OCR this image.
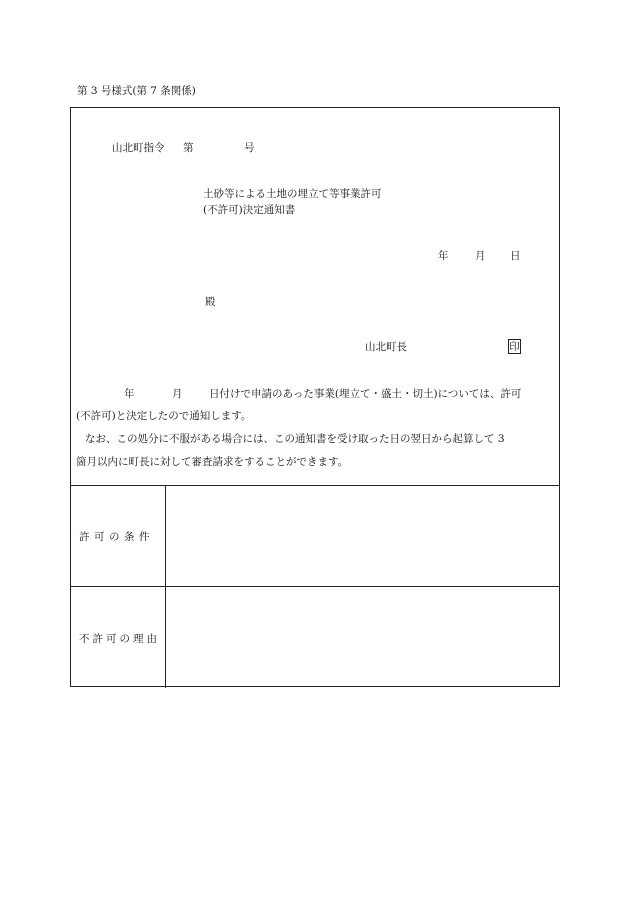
第 3 号様式(第 7 条関係)
山北町指令 第	号
土砂等による土地の埋立て等事業許可
(不許可)決定通知書
年	月 日
殿
山北町長	印
年	月	日付けで申請のあった事業(埋立て・盛土・切土)については、許可
(不許可)と決定したので通知します。
なお、この処分に不服がある場合には、この通知書を受け取った日の翌日から起算して 3
箇月以内に町長に対して審査請求をすることができます。
許可の条件
不許可の理由
